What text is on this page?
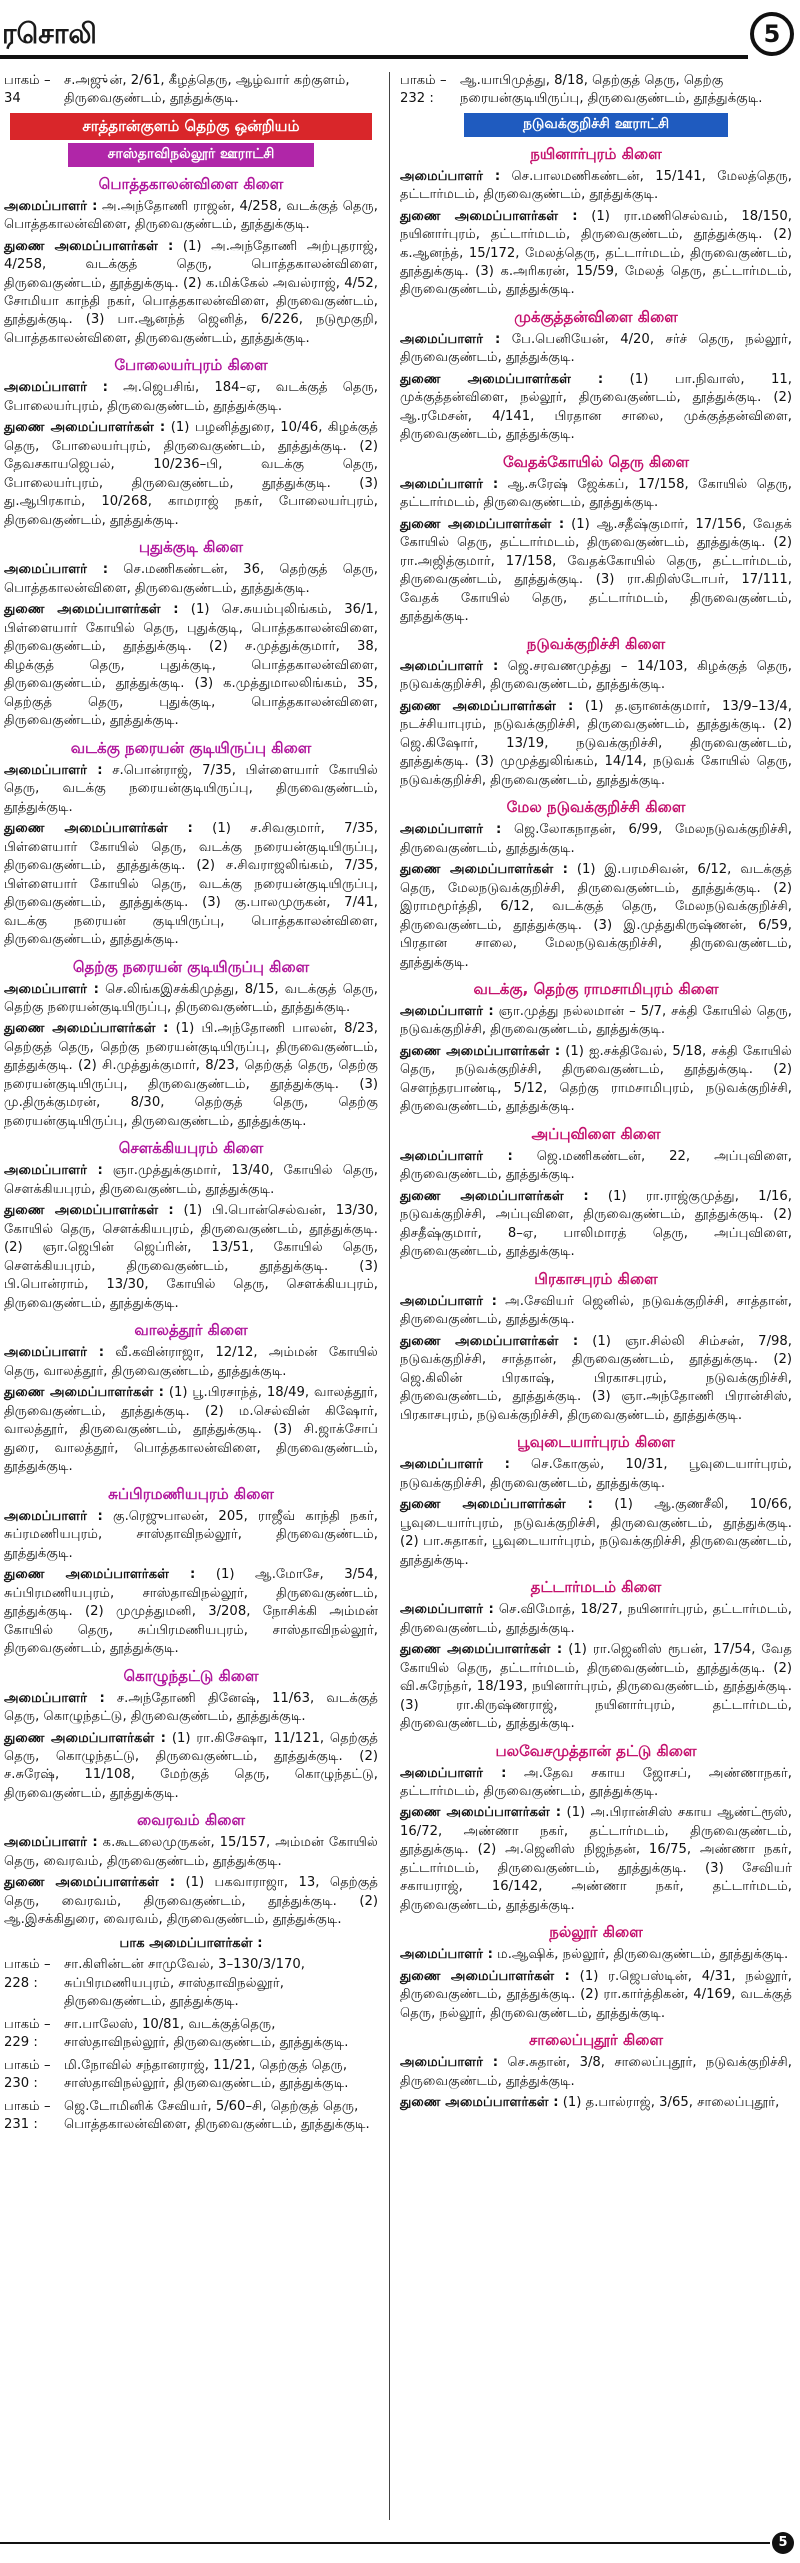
ரசொலி	5
பாகம் – 34
ச.அஜு்ன், 2/61, கீழத்தெரு, ஆழ்வார் கற்குளம், திருவைகுண்டம், தூத்துக்குடி.
சாத்தான்குளம் தெற்கு ஒன்றியம்
சாஸ்தாவிநல்லூர் ஊராட்சி
பொத்தகாலன்விளை கிளை
அமைப்பாளர் : அ.அந்தோணி ராஜன், 4/258, வடக்குத் தெரு, பொத்தகாலன்விளை, திருவைகுண்டம், தூத்துக்குடி.
துணை அமைப்பாளர்கள் : (1) அ.அந்தோணி அற்புதராஜ், 4/258, வடக்குத் தெரு, பொத்தகாலன்விளை, திருவைகுண்டம், தூத்துக்குடி. (2) க.மிக்கேல் அவல்ராஜ், 4/52, சோமியா காந்தி நகர், பொத்தகாலன்விளை, திருவைகுண்டம், தூத்துக்குடி. (3) பா.ஆனந்த் ஜெனித், 6/226, நடுமூகுறி, பொத்தகாலன்விளை, திருவைகுண்டம், தூத்துக்குடி.
போலையர்புரம் கிளை
அமைப்பாளர் : அ.ஜெபசிங், 184–ஏ, வடக்குத் தெரு, போலையர்புரம், திருவைகுண்டம், தூத்துக்குடி.
துணை அமைப்பாளர்கள் : (1) பழனித்துரை, 10/46, கிழக்குத் தெரு, போலையர்புரம், திருவைகுண்டம், தூத்துக்குடி. (2) தேவசகாயஜெபல், 10/236–பி, வடக்கு தெரு, போலையர்புரம், திருவைகுண்டம், தூத்துக்குடி. (3) து.ஆபிரகாம், 10/268, காமராஜ் நகர், போலையர்புரம், திருவைகுண்டம், தூத்துக்குடி.
புதுக்குடி கிளை
அமைப்பாளர் : செ.மணிகண்டன், 36, தெற்குத் தெரு, பொத்தகாலன்விளை, திருவைகுண்டம், தூத்துக்குடி.
துணை அமைப்பாளர்கள் : (1) செ.சுயம்புலிங்கம், 36/1, பிள்ளையார் கோயில் தெரு, புதுக்குடி, பொத்தகாலன்விளை, திருவைகுண்டம், தூத்துக்குடி. (2) ச.முத்துக்குமார், 38, கிழக்குத் தெரு, புதுக்குடி, பொத்தகாலன்விளை, திருவைகுண்டம், தூத்துக்குடி. (3) க.முத்துமாலலிங்கம், 35, தெற்குத் தெரு, புதுக்குடி, பொத்தகாலன்விளை, திருவைகுண்டம், தூத்துக்குடி.
வடக்கு நரையன் குடியிருப்பு கிளை
அமைப்பாளர் : ச.பொன்ராஜ், 7/35, பிள்ளையார் கோயில் தெரு, வடக்கு நரையன்குடியிருப்பு, திருவைகுண்டம், தூத்துக்குடி.
துணை அமைப்பாளர்கள் : (1) ச.சிவகுமார், 7/35, பிள்ளையார் கோயில் தெரு, வடக்கு நரையன்குடியிருப்பு, திருவைகுண்டம், தூத்துக்குடி. (2) ச.சிவராஜலிங்கம், 7/35, பிள்ளையார் கோயில் தெரு, வடக்கு நரையன்குடியிருப்பு, திருவைகுண்டம், தூத்துக்குடி. (3) கு.பாலமுருகன், 7/41, வடக்கு நரையன் குடியிருப்பு, பொத்தகாலன்விளை, திருவைகுண்டம், தூத்துக்குடி.
தெற்கு நரையன் குடியிருப்பு கிளை
அமைப்பாளர் : செ.லிங்கஇசக்கிமுத்து, 8/15, வடக்குத் தெரு, தெற்கு நரையன்குடியிருப்பு, திருவைகுண்டம், தூத்துக்குடி.
துணை அமைப்பாளர்கள் : (1) பி.அந்தோணி பாலன், 8/23, தெற்குத் தெரு, தெற்கு நரையன்குடியிருப்பு, திருவைகுண்டம், தூத்துக்குடி. (2) சி.முத்துக்குமார், 8/23, தெற்குத் தெரு, தெற்கு நரையன்குடியிருப்பு, திருவைகுண்டம், தூத்துக்குடி. (3) மு.திருக்குமரன், 8/30, தெற்குத் தெரு, தெற்கு நரையன்குடியிருப்பு, திருவைகுண்டம், தூத்துக்குடி.
சௌக்கியபுரம் கிளை
அமைப்பாளர் : ஞா.முத்துக்குமார், 13/40, கோயில் தெரு, சௌக்கியபுரம், திருவைகுண்டம், தூத்துக்குடி.
துணை அமைப்பாளர்கள் : (1) பி.பொன்செல்வன், 13/30, கோயில் தெரு, சௌக்கியபுரம், திருவைகுண்டம், தூத்துக்குடி. (2) ஞா.ஜெபின் ஜெப்ரின், 13/51, கோயில் தெரு, சௌக்கியபுரம், திருவைகுண்டம், தூத்துக்குடி. (3) பி.பொன்ராம், 13/30, கோயில் தெரு, சௌக்கியபுரம், திருவைகுண்டம், தூத்துக்குடி.
வாலத்தூர் கிளை
அமைப்பாளர் : வீ.கவின்ராஜா, 12/12, அம்மன் கோயில் தெரு, வாலத்தூர், திருவைகுண்டம், தூத்துக்குடி.
துணை அமைப்பாளர்கள் : (1) பூ.பிரசாந்த், 18/49, வாலத்தூர், திருவைகுண்டம், தூத்துக்குடி. (2) ம.செல்வின் கிஷோர், வாலத்தூர், திருவைகுண்டம், தூத்துக்குடி. (3) சி.ஜாக்சோப் துரை, வாலத்தூர், பொத்தகாலன்விளை, திருவைகுண்டம், தூத்துக்குடி.
சுப்பிரமணியபுரம் கிளை
அமைப்பாளர் : கு.ரெஜுபாலன், 205, ராஜீவ் காந்தி நகர், சுப்ரமணியபுரம், சாஸ்தாவிநல்லூர், திருவைகுண்டம், தூத்துக்குடி.
துணை அமைப்பாளர்கள் : (1) ஆ.மோசே, 3/54, சுப்பிரமணியபுரம், சாஸ்தாவிநல்லூர், திருவைகுண்டம், தூத்துக்குடி. (2) முமுத்துமனி, 3/208, நோசிக்கி அம்மன் கோயில் தெரு, சுப்பிரமணியபுரம், சாஸ்தாவிநல்லூர், திருவைகுண்டம், தூத்துக்குடி.
கொழுந்தட்டு கிளை
அமைப்பாளர் : ச.அந்தோணி தினேஷ், 11/63, வடக்குத் தெரு, கொழுந்தட்டு, திருவைகுண்டம், தூத்துக்குடி.
துணை அமைப்பாளர்கள் : (1) ரா.கிசேஷா, 11/121, தெற்குத் தெரு, கொழுந்தட்டு, திருவைகுண்டம், தூத்துக்குடி. (2) ச.சுரேஷ், 11/108, மேற்குத் தெரு, கொழுந்தட்டு, திருவைகுண்டம், தூத்துக்குடி.
வைரவம் கிளை
அமைப்பாளர் : க.கூடலைமுருகன், 15/157, அம்மன் கோயில் தெரு, வைரவம், திருவைகுண்டம், தூத்துக்குடி.
துணை அமைப்பாளர்கள் : (1) பகவாராஜா, 13, தெற்குத் தெரு, வைரவம், திருவைகுண்டம், தூத்துக்குடி. (2) ஆ.இசக்கிதுரை, வைரவம், திருவைகுண்டம், தூத்துக்குடி.
பாக அமைப்பாளர்கள் :
பாகம் – 228 :
சா.கிளின்டன் சாமுவேல், 3–130/3/170, சுப்பிரமணியபுரம், சாஸ்தாவிநல்லூர், திருவைகுண்டம், தூத்துக்குடி.
பாகம் – 229 :
சா.பாலேஸ், 10/81, வடக்குத்தெரு, சாஸ்தாவிநல்லூர், திருவைகுண்டம், தூத்துக்குடி.
பாகம் – 230 :
மி.நோவில் சந்தானராஜ், 11/21, தெற்குத் தெரு, சாஸ்தாவிநல்லூர், திருவைகுண்டம், தூத்துக்குடி.
பாகம் – 231 :
ஜெ.டோமினிக் சேவியர், 5/60–சி, தெற்குத் தெரு, பொத்தகாலன்விளை, திருவைகுண்டம், தூத்துக்குடி.
பாகம் – 232 :
ஆ.யாபிமுத்து, 8/18, தெற்குத் தெரு, தெற்கு நரையன்குடியிருப்பு, திருவைகுண்டம், தூத்துக்குடி.
நடுவக்குறிச்சி ஊராட்சி
நயினார்புரம் கிளை
அமைப்பாளர் : செ.பாலமணிகண்டன், 15/141, மேலத்தெரு, தட்டார்மடம், திருவைகுண்டம், தூத்துக்குடி.
துணை அமைப்பாளர்கள் : (1) ரா.மணிசெல்வம், 18/150, நயினார்புரம், தட்டார்மடம், திருவைகுண்டம், தூத்துக்குடி. (2) க.ஆனந்த், 15/172, மேலத்தெரு, தட்டார்மடம், திருவைகுண்டம், தூத்துக்குடி. (3) க.அரிகரன், 15/59, மேலத் தெரு, தட்டார்மடம், திருவைகுண்டம், தூத்துக்குடி.
முக்குத்தன்விளை கிளை
அமைப்பாளர் : பே.பெனியேன், 4/20, சர்ச் தெரு, நல்லூர், திருவைகுண்டம், தூத்துக்குடி.
துணை அமைப்பாளர்கள் : (1) பா.நிவாஸ், 11, முக்குத்தன்விளை, நல்லூர், திருவைகுண்டம், தூத்துக்குடி. (2) ஆ.ரமேசன், 4/141, பிரதான சாலை, முக்குத்தன்விளை, திருவைகுண்டம், தூத்துக்குடி.
வேதக்கோயில் தெரு கிளை
அமைப்பாளர் : ஆ.சுரேஷ் ஜேக்கப், 17/158, கோயில் தெரு, தட்டார்மடம், திருவைகுண்டம், தூத்துக்குடி.
துணை அமைப்பாளர்கள் : (1) ஆ.சதீஷ்குமார், 17/156, வேதக் கோயில் தெரு, தட்டார்மடம், திருவைகுண்டம், தூத்துக்குடி. (2) ரா.அஜித்குமார், 17/158, வேதக்கோயில் தெரு, தட்டார்மடம், திருவைகுண்டம், தூத்துக்குடி. (3) ரா.கிறிஸ்டோபர், 17/111, வேதக் கோயில் தெரு, தட்டார்மடம், திருவைகுண்டம், தூத்துக்குடி.
நடுவக்குறிச்சி கிளை
அமைப்பாளர் : ஜெ.சரவணமுத்து – 14/103, கிழக்குத் தெரு, நடுவக்குறிச்சி, திருவைகுண்டம், தூத்துக்குடி.
துணை அமைப்பாளர்கள் : (1) த.ஞானக்குமார், 13/9–13/4, நடச்சியாபுரம், நடுவக்குறிச்சி, திருவைகுண்டம், தூத்துக்குடி. (2) ஜெ.கிஷோர், 13/19, நடுவக்குறிச்சி, திருவைகுண்டம், தூத்துக்குடி. (3) முமுத்துலிங்கம், 14/14, நடுவக் கோயில் தெரு, நடுவக்குறிச்சி, திருவைகுண்டம், தூத்துக்குடி.
மேல நடுவக்குறிச்சி கிளை
அமைப்பாளர் : ஜெ.லோகநாதன், 6/99, மேலநடுவக்குறிச்சி, திருவைகுண்டம், தூத்துக்குடி.
துணை அமைப்பாளர்கள் : (1) இ.பரமசிவன், 6/12, வடக்குத் தெரு, மேலநடுவக்குறிச்சி, திருவைகுண்டம், தூத்துக்குடி. (2) இராமமூர்த்தி, 6/12, வடக்குத் தெரு, மேலநடுவக்குறிச்சி, திருவைகுண்டம், தூத்துக்குடி. (3) இ.முத்துகிருஷ்ணன், 6/59, பிரதான சாலை, மேலநடுவக்குறிச்சி, திருவைகுண்டம், தூத்துக்குடி.
வடக்கு, தெற்கு ராமசாமிபுரம் கிளை
அமைப்பாளர் : ஞா.முத்து நல்லமான் – 5/7, சக்தி கோயில் தெரு, நடுவக்குறிச்சி, திருவைகுண்டம், தூத்துக்குடி.
துணை அமைப்பாளர்கள் : (1) ஐ.சக்திவேல், 5/18, சக்தி கோயில் தெரு, நடுவக்குறிச்சி, திருவைகுண்டம், தூத்துக்குடி. (2) சௌந்தரபாண்டி, 5/12, தெற்கு ராமசாமிபுரம், நடுவக்குறிச்சி, திருவைகுண்டம், தூத்துக்குடி.
அப்புவிளை கிளை
அமைப்பாளர் : ஜெ.மணிகண்டன், 22, அப்புவிளை, திருவைகுண்டம், தூத்துக்குடி.
துணை அமைப்பாளர்கள் : (1) ரா.ராஜ்குமுத்து, 1/16, நடுவக்குறிச்சி, அப்புவிளை, திருவைகுண்டம், தூத்துக்குடி. (2) திசதீஷ்குமார், 8–ஏ, பாலிமாரத் தெரு, அப்புவிளை, திருவைகுண்டம், தூத்துக்குடி.
பிரகாசபுரம் கிளை
அமைப்பாளர் : அ.சேவியர் ஜெனில், நடுவக்குறிச்சி, சாத்தான், திருவைகுண்டம், தூத்துக்குடி.
துணை அமைப்பாளர்கள் : (1) ஞா.சில்லி சிம்சன், 7/98, நடுவக்குறிச்சி, சாத்தான், திருவைகுண்டம், தூத்துக்குடி. (2) ஜெ.கிலின் பிரகாஷ், பிரகாசபுரம், நடுவக்குறிச்சி, திருவைகுண்டம், தூத்துக்குடி. (3) ஞா.அந்தோணி பிரான்சிஸ், பிரகாசபுரம், நடுவக்குறிச்சி, திருவைகுண்டம், தூத்துக்குடி.
பூவுடையார்புரம் கிளை
அமைப்பாளர் : செ.கோகுல், 10/31, பூவுடையார்புரம், நடுவக்குறிச்சி, திருவைகுண்டம், தூத்துக்குடி.
துணை அமைப்பாளர்கள் : (1) ஆ.குணசீலி, 10/66, பூவுடையார்புரம், நடுவக்குறிச்சி, திருவைகுண்டம், தூத்துக்குடி. (2) பா.சுதாகர், பூவுடையார்புரம், நடுவக்குறிச்சி, திருவைகுண்டம், தூத்துக்குடி.
தட்டார்மடம் கிளை
அமைப்பாளர் : செ.விமோத், 18/27, நயினார்புரம், தட்டார்மடம், திருவைகுண்டம், தூத்துக்குடி.
துணை அமைப்பாளர்கள் : (1) ரா.ஜெனிஸ் ரூபன், 17/54, வேத கோயில் தெரு, தட்டார்மடம், திருவைகுண்டம், தூத்துக்குடி. (2) வி.சுரேந்தர், 18/193, நயினார்புரம், திருவைகுண்டம், தூத்துக்குடி. (3) ரா.கிருஷ்ணராஜ், நயினார்புரம், தட்டார்மடம், திருவைகுண்டம், தூத்துக்குடி.
பலவேசமுத்தான் தட்டு கிளை
அமைப்பாளர் : அ.தேவ சகாய ஜோசப், அண்ணாநகர், தட்டார்மடம், திருவைகுண்டம், தூத்துக்குடி.
துணை அமைப்பாளர்கள் : (1) அ.பிரான்சிஸ் சகாய ஆண்ட்ரூஸ், 16/72, அண்ணா நகர், தட்டார்மடம், திருவைகுண்டம், தூத்துக்குடி. (2) அ.ஜெனிஸ் நிஜந்தன், 16/75, அண்ணா நகர், தட்டார்மடம், திருவைகுண்டம், தூத்துக்குடி. (3) சேவியர் சகாயராஜ், 16/142, அண்ணா நகர், தட்டார்மடம், திருவைகுண்டம், தூத்துக்குடி.
நல்லூர் கிளை
அமைப்பாளர் : ம.ஆஷிக், நல்லூர், திருவைகுண்டம், தூத்துக்குடி.
துணை அமைப்பாளர்கள் : (1) ர.ஜெபஸ்டின், 4/31, நல்லூர், திருவைகுண்டம், தூத்துக்குடி. (2) ரா.கார்த்திகன், 4/169, வடக்குத் தெரு, நல்லூர், திருவைகுண்டம், தூத்துக்குடி.
சாலைப்புதூர் கிளை
அமைப்பாளர் : செ.சுதான், 3/8, சாலைப்புதூர், நடுவக்குறிச்சி, திருவைகுண்டம், தூத்துக்குடி.
துணை அமைப்பாளர்கள் : (1) த.பால்ராஜ், 3/65, சாலைப்புதூர்,
5
